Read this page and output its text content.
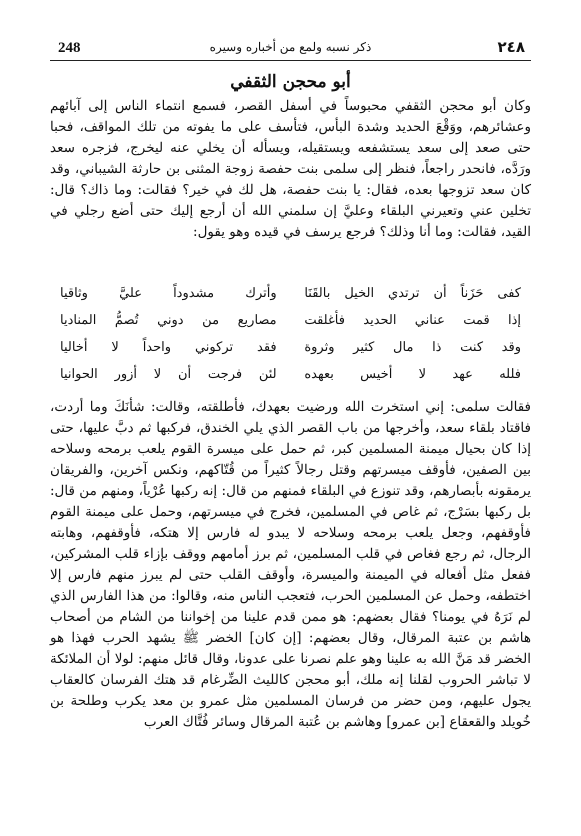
248	ذكر نسبه ولمع من أخباره وسيره	٢٤٨
أبو محجن الثقفي

وكان أبو محجن الثقفي محبوساً في أسفل القصر، فسمع انتماء الناس إلى آبائهم وعشائرهم، ووَقْعَ الحديد وشدة البأس، فتأسف على ما يفوته من تلك المواقف، فحبا حتى صعد إلى سعد يستشفعه ويستقيله، ويسأله أن يخلي عنه ليخرج، فزجره سعد ورَدَّه، فانحدر راجعاً، فنظر إلى سلمى بنت حفصة زوجة المثنى بن حارثة الشيباني، وقد كان سعد تزوجها بعده، فقال: يا بنت حفصة، هل لك في خير؟ فقالت: وما ذاك؟ قال: تخلين عني وتعيرني البلقاء وعليَّ إن سلمني الله أن أرجع إليك حتى أضع رجلي في القيد، فقالت: وما أنا وذلك؟ فرجع يرسف في قيده وهو يقول:

كفى حَزَناً أن ترتدي الخيل بالقَنَا
وأترك مشدوداً عليَّ وثاقيا
إذا قمت عناني الحديد فأغلقت
مصاريع من دوني تُصمُّ المناديا
وقد كنت ذا مال كثير وثروة
فقد تركوني واحداً لا أخاليا
فلله عهد لا أخيس بعهده
لئن فرجت أن لا أزور الحوانيا

فقالت سلمى: إني استخرت الله ورضيت بعهدك، فأطلقته، وقالت: شأنَكَ وما أردت، فاقتاد بلقاء سعد، وأخرجها من باب القصر الذي يلي الخندق، فركبها ثم دبَّ عليها، حتى إذا كان بحيال ميمنة المسلمين كبر، ثم حمل على ميسرة القوم يلعب برمحه وسلاحه بين الصفين، فأوقف ميسرتهم وقتل رجالاً كثيراً من قُتّاكهم، ونكس آخرين، والفريقان يرمقونه بأبصارهم، وقد تنوزع في البلقاء فمنهم من قال: إنه ركبها عُرْياً، ومنهم من قال: بل ركبها بسَرْج، ثم غاص في المسلمين، فخرج في ميسرتهم، وحمل على ميمنة القوم فأوقفهم، وجعل يلعب برمحه وسلاحه لا يبدو له فارس إلا هتكه، فأوقفهم، وهابته الرجال، ثم رجع فغاص في قلب المسلمين، ثم برز أمامهم ووقف بإزاء قلب المشركين، ففعل مثل أفعاله في الميمنة والميسرة، وأوقف القلب حتى لم يبرز منهم فارس إلا اختطفه، وحمل عن المسلمين الحرب، فتعجب الناس منه، وقالوا: من هذا الفارس الذي لم نَرَهُ في يومنا؟ فقال بعضهم: هو ممن قدم علينا من إخواننا من الشام من أصحاب هاشم بن عتبة المرقال، وقال بعضهم: [إن كان] الخضر ﷺ يشهد الحرب فهذا هو الخضر قد مَنَّ الله به علينا وهو علم نصرنا على عدونا، وقال قائل منهم: لولا أن الملائكة لا تباشر الحروب لقلنا إنه ملك، أبو محجن كالليث الضِّرغام قد هتك الفرسان كالعقاب يجول عليهم، ومن حضر من فرسان المسلمين مثل عمرو بن معد يكرب وطلحة بن خُويلد والقعقاع [بن عمرو] وهاشم بن عُتبة المرقال وسائر فُتَّاك العرب
